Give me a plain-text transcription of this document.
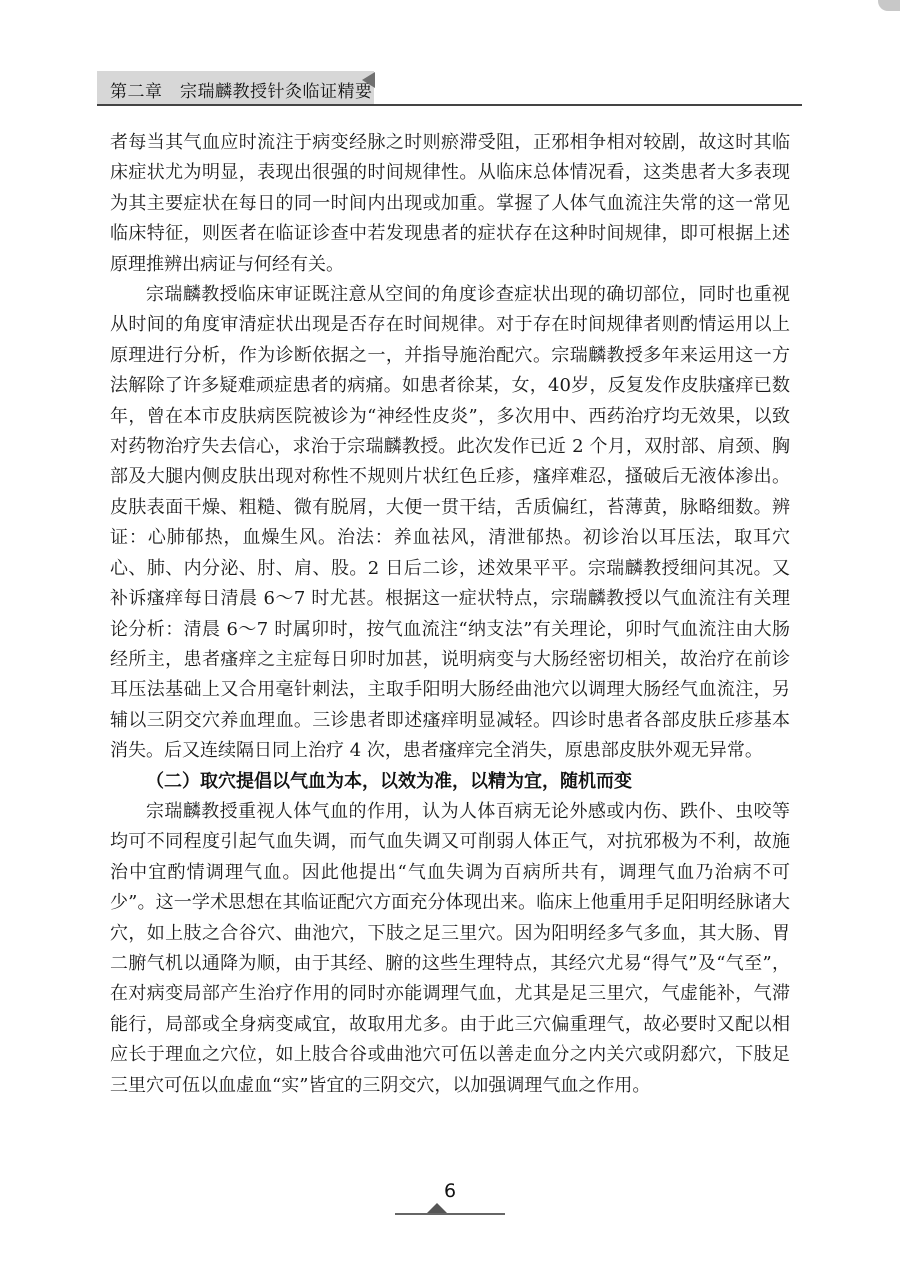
第二章　宗瑞麟教授针灸临证精要

者每当其气血应时流注于病变经脉之时则瘀滞受阻，正邪相争相对较剧，故这时其临床症状尤为明显，表现出很强的时间规律性。从临床总体情况看，这类患者大多表现为其主要症状在每日的同一时间内出现或加重。掌握了人体气血流注失常的这一常见临床特征，则医者在临证诊查中若发现患者的症状存在这种时间规律，即可根据上述原理推辨出病证与何经有关。

宗瑞麟教授临床审证既注意从空间的角度诊查症状出现的确切部位，同时也重视从时间的角度审清症状出现是否存在时间规律。对于存在时间规律者则酌情运用以上原理进行分析，作为诊断依据之一，并指导施治配穴。宗瑞麟教授多年来运用这一方法解除了许多疑难顽症患者的病痛。如患者徐某，女，40岁，反复发作皮肤瘙痒已数年，曾在本市皮肤病医院被诊为“神经性皮炎”，多次用中、西药治疗均无效果，以致对药物治疗失去信心，求治于宗瑞麟教授。此次发作已近 2 个月，双肘部、肩颈、胸部及大腿内侧皮肤出现对称性不规则片状红色丘疹，瘙痒难忍，搔破后无液体渗出。皮肤表面干燥、粗糙、微有脱屑，大便一贯干结，舌质偏红，苔薄黄，脉略细数。辨证：心肺郁热，血燥生风。治法：养血祛风，清泄郁热。初诊治以耳压法，取耳穴心、肺、内分泌、肘、肩、股。2 日后二诊，述效果平平。宗瑞麟教授细问其况。又补诉瘙痒每日清晨 6～7 时尤甚。根据这一症状特点，宗瑞麟教授以气血流注有关理论分析：清晨 6～7 时属卯时，按气血流注“纳支法”有关理论，卯时气血流注由大肠经所主，患者瘙痒之主症每日卯时加甚，说明病变与大肠经密切相关，故治疗在前诊耳压法基础上又合用毫针刺法，主取手阳明大肠经曲池穴以调理大肠经气血流注，另辅以三阴交穴养血理血。三诊患者即述瘙痒明显减轻。四诊时患者各部皮肤丘疹基本消失。后又连续隔日同上治疗 4 次，患者瘙痒完全消失，原患部皮肤外观无异常。

（二）取穴提倡以气血为本，以效为准，以精为宜，随机而变

宗瑞麟教授重视人体气血的作用，认为人体百病无论外感或内伤、跌仆、虫咬等均可不同程度引起气血失调，而气血失调又可削弱人体正气，对抗邪极为不利，故施治中宜酌情调理气血。因此他提出“气血失调为百病所共有，调理气血乃治病不可少”。这一学术思想在其临证配穴方面充分体现出来。临床上他重用手足阳明经脉诸大穴，如上肢之合谷穴、曲池穴，下肢之足三里穴。因为阳明经多气多血，其大肠、胃二腑气机以通降为顺，由于其经、腑的这些生理特点，其经穴尤易“得气”及“气至”，在对病变局部产生治疗作用的同时亦能调理气血，尤其是足三里穴，气虚能补，气滞能行，局部或全身病变咸宜，故取用尤多。由于此三穴偏重理气，故必要时又配以相应长于理血之穴位，如上肢合谷或曲池穴可伍以善走血分之内关穴或阴郄穴，下肢足三里穴可伍以血虚血“实”皆宜的三阴交穴，以加强调理气血之作用。

6
